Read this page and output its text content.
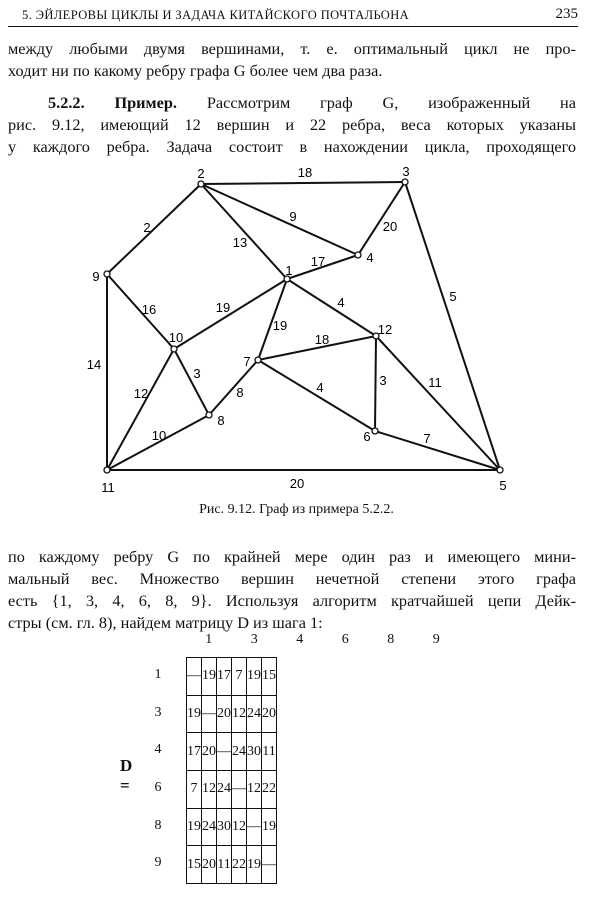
5. ЭЙЛЕРОВЫ ЦИКЛЫ И ЗАДАЧА КИТАЙСКОГО ПОЧТАЛЬОНА	235
между любыми двумя вершинами, т. е. оптимальный цикл не про-
ходит ни по какому ребру графа G более чем два раза.
5.2.2. Пример. Рассмотрим граф G, изображенный на
рис. 9.12, имеющий 12 вершин и 22 ребра, веса которых указаны
у каждого ребра. Задача состоит в нахождении цикла, проходящего
18
9
13
2	20
5
17
4
19
19
16
14
3
12
18
8	4	3	11
7
10
20
1
2	3
4
5
6
7
8
9
10
11
12
Рис. 9.12. Граф из примера 5.2.2.
по каждому ребру G по крайней мере один раз и имеющего мини-
мальный вес. Множество вершин нечетной степени этого графа
есть {1, 3, 4, 6, 8, 9}. Используя алгоритм кратчайшей цепи Дейк-
стры (см. гл. 8), найдем матрицу D из шага 1:
D =
—	19	17	7	19	15
19	—	20	12	24	20
17	20	—	24	30	11
7	12	24	—	12	22
19	24	30	12	—	19
15	20	11	22	19	—
1	3	4	6	8	9
1
3
4
6
8
9
